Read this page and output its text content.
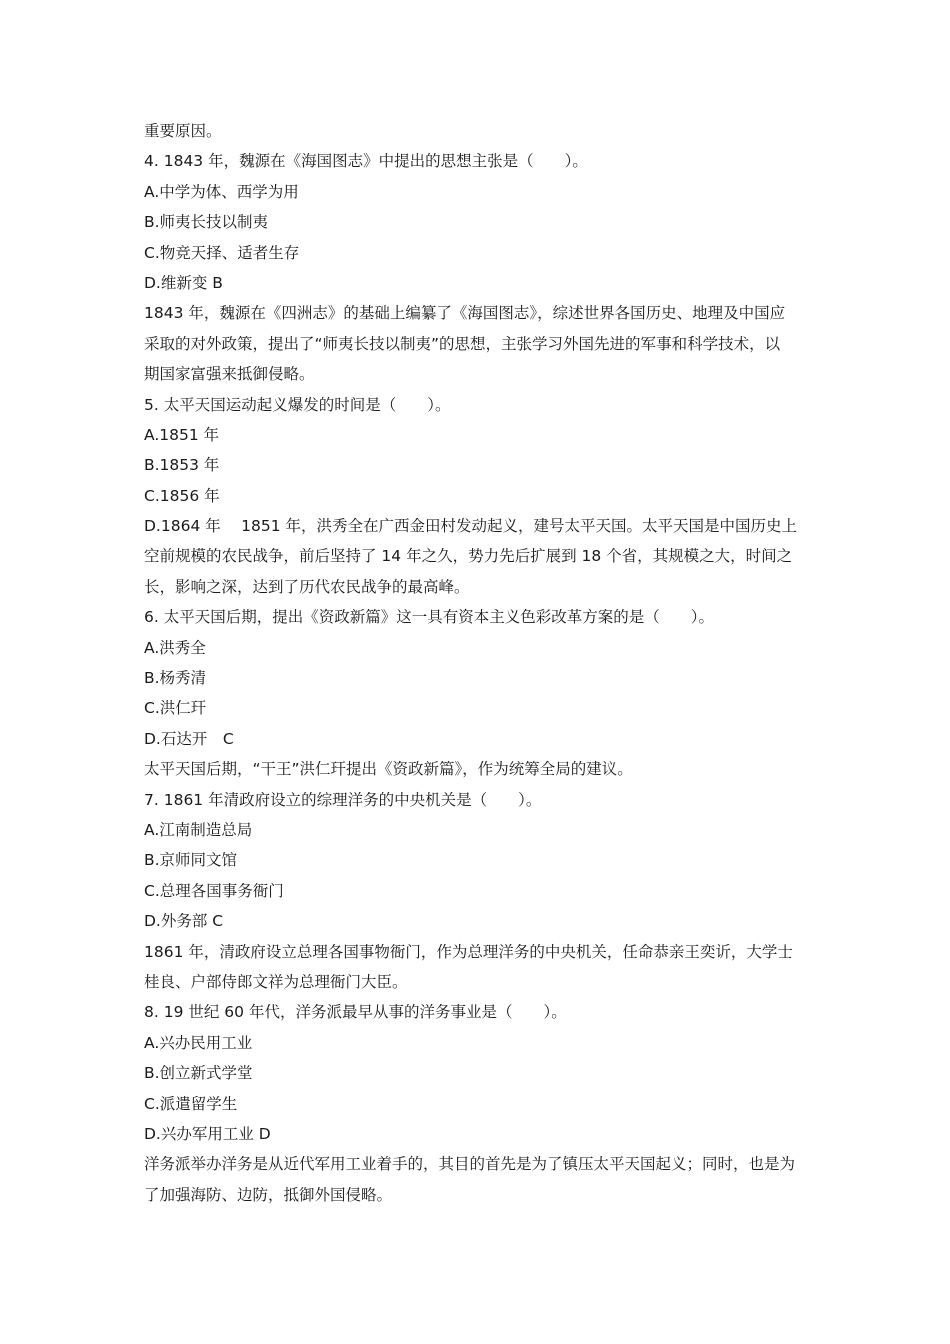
重要原因。
4. 1843 年，魏源在《海国图志》中提出的思想主张是（　　）。
A.中学为体、西学为用
B.师夷长技以制夷
C.物竞天择、适者生存
D.维新变 B
1843 年，魏源在《四洲志》的基础上编纂了《海国图志》，综述世界各国历史、地理及中国应
采取的对外政策，提出了“师夷长技以制夷”的思想，主张学习外国先进的军事和科学技术，以
期国家富强来抵御侵略。
5. 太平天国运动起义爆发的时间是（　　）。
A.1851 年
B.1853 年
C.1856 年
D.1864 年　 1851 年，洪秀全在广西金田村发动起义，建号太平天国。太平天国是中国历史上
空前规模的农民战争，前后坚持了 14 年之久，势力先后扩展到 18 个省，其规模之大，时间之
长，影响之深，达到了历代农民战争的最高峰。
6. 太平天国后期，提出《资政新篇》这一具有资本主义色彩改革方案的是（　　）。
A.洪秀全
B.杨秀清
C.洪仁玕
D.石达开　C
太平天国后期，“干王”洪仁玕提出《资政新篇》，作为统筹全局的建议。
7. 1861 年清政府设立的综理洋务的中央机关是（　　）。
A.江南制造总局
B.京师同文馆
C.总理各国事务衙门
D.外务部 C
1861 年，清政府设立总理各国事物衙门，作为总理洋务的中央机关，任命恭亲王奕䜣，大学士
桂良、户部侍郎文祥为总理衙门大臣。
8. 19 世纪 60 年代，洋务派最早从事的洋务事业是（　　）。
A.兴办民用工业
B.创立新式学堂
C.派遣留学生
D.兴办军用工业 D
洋务派举办洋务是从近代军用工业着手的，其目的首先是为了镇压太平天国起义；同时，也是为
了加强海防、边防，抵御外国侵略。
